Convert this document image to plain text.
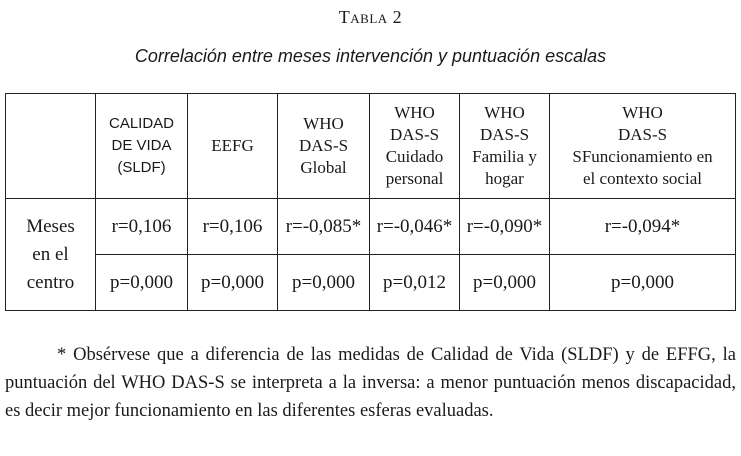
Tabla 2
Correlación entre meses intervención y puntuación escalas

	CALIDAD
DE VIDA
(SLDF)	EEFG	WHO
DAS-S
Global	WHO
DAS-S
Cuidado
personal	WHO
DAS-S
Familia y
hogar	WHO
DAS-S
SFuncionamiento en
el contexto social

Meses
en el
centro	r=0,106	r=0,106	r=-0,085*	r=-0,046*	r=-0,090*	r=-0,094*
	p=0,000	p=0,000	p=0,000	p=0,012	p=0,000	p=0,000

* Obsérvese que a diferencia de las medidas de Calidad de Vida (SLDF) y de EFFG, la puntuación del WHO DAS-S se interpreta a la inversa: a menor puntuación menos discapacidad, es decir mejor funcionamiento en las diferentes esferas evaluadas.
